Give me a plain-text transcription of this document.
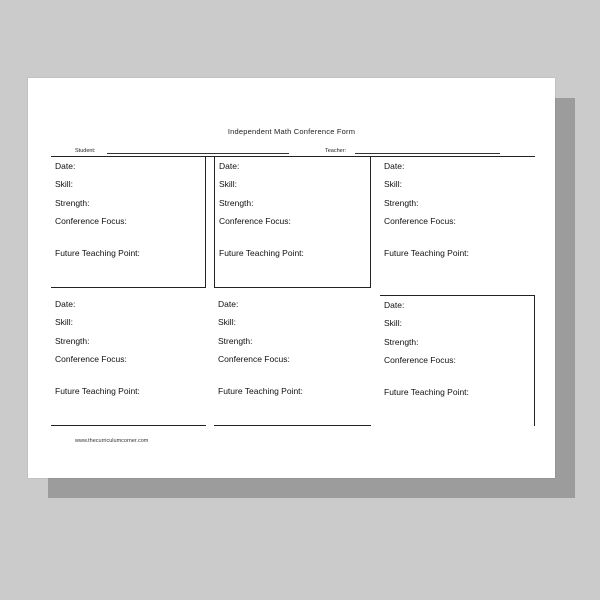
Independent Math Conference Form
Student:	Teacher:
Date:
Skill:
Strength:
Conference Focus:
Future Teaching Point:
Date:
Skill:
Strength:
Conference Focus:
Future Teaching Point:
Date:
Skill:
Strength:
Conference Focus:
Future Teaching Point:
Date:
Skill:
Strength:
Conference Focus:
Future Teaching Point:
Date:
Skill:
Strength:
Conference Focus:
Future Teaching Point:
Date:
Skill:
Strength:
Conference Focus:
Future Teaching Point:
www.thecurriculumcorner.com
